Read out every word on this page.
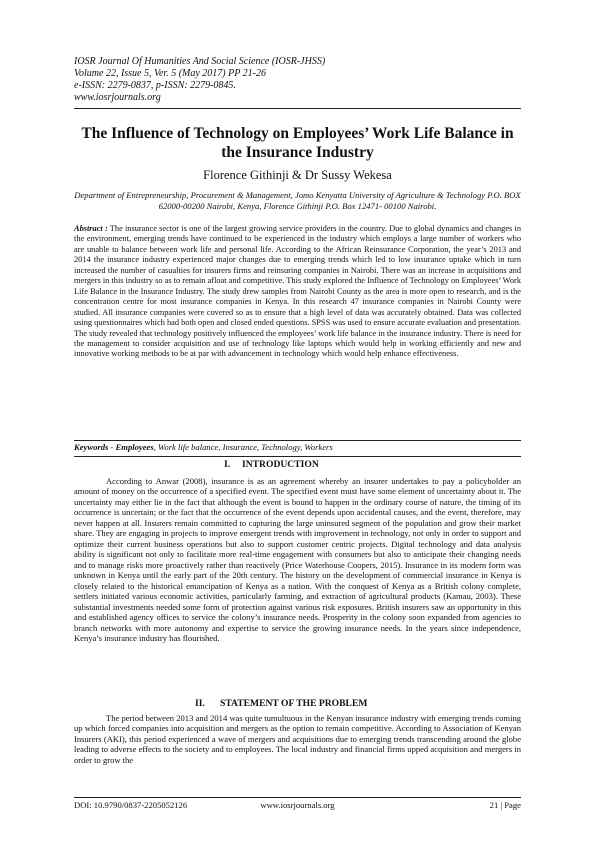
IOSR Journal Of Humanities And Social Science (IOSR-JHSS)
Volume 22, Issue 5, Ver. 5 (May 2017) PP 21-26
e-ISSN: 2279-0837, p-ISSN: 2279-0845.
www.iosrjournals.org
The Influence of Technology on Employees’ Work Life Balance in the Insurance Industry
Florence Githinji & Dr Sussy Wekesa
Department of Entrepreneurship, Procurement & Management, Jomo Kenyatta University of Agriculture & Technology P.O. BOX 62000-00200 Nairobi, Kenya, Florence Githinji P.O. Box 12471- 00100 Nairobi.
Abstract : The insurance sector is one of the largest growing service providers in the country. Due to global dynamics and changes in the environment, emerging trends have continued to be experienced in the industry which employs a large number of workers who are unable to balance between work life and personal life. According to the African Reinsurance Corporation, the year’s 2013 and 2014 the insurance industry experienced major changes due to emerging trends which led to low insurance uptake which in turn increased the number of casualties for insurers firms and reinsuring companies in Nairobi. There was an increase in acquisitions and mergers in this industry so as to remain afloat and competitive. This study explored the Influence of Technology on Employees’ Work Life Balance in the Insurance Industry. The study drew samples from Nairobi County as the area is more open to research, and is the concentration centre for most insurance companies in Kenya. In this research 47 insurance companies in Nairobi County were studied. All insurance companies were covered so as to ensure that a high level of data was accurately obtained. Data was collected using questionnaires which had both open and closed ended questions. SPSS was used to ensure accurate evaluation and presentation. The study revealed that technology positively influenced the employees’ work life balance in the insurance industry. There is need for the management to consider acquisition and use of technology like laptops which would help in working efficiently and new and innovative working methods to be at par with advancement in technology which would help enhance effectiveness.
Keywords - Employees, Work life balance, Insurance, Technology, Workers
I. INTRODUCTION

According to Anwar (2008), insurance is as an agreement whereby an insurer undertakes to pay a policyholder an amount of money on the occurrence of a specified event. The specified event must have some element of uncertainty about it. The uncertainty may either lie in the fact that although the event is bound to happen in the ordinary course of nature, the timing of its occurrence is uncertain; or the fact that the occurrence of the event depends upon accidental causes, and the event, therefore, may never happen at all. Insurers remain committed to capturing the large uninsured segment of the population and grow their market share. They are engaging in projects to improve emergent trends with improvement in technology, not only in order to support and optimize their current business operations but also to support customer centric projects. Digital technology and data analysis ability is significant not only to facilitate more real-time engagement with consumers but also to anticipate their changing needs and to manage risks more proactively rather than reactively (Price Waterhouse Coopers, 2015). Insurance in its modern form was unknown in Kenya until the early part of the 20th century. The history on the development of commercial insurance in Kenya is closely related to the historical emancipation of Kenya as a nation. With the conquest of Kenya as a British colony complete, settlers initiated various economic activities, particularly farming, and extraction of agricultural products (Kamau, 2003). These substantial investments needed some form of protection against various risk exposures. British insurers saw an opportunity in this and established agency offices to service the colony’s insurance needs. Prosperity in the colony soon expanded from agencies to branch networks with more autonomy and expertise to service the growing insurance needs. In the years since independence, Kenya’s insurance industry has flourished.

II. STATEMENT OF THE PROBLEM

The period between 2013 and 2014 was quite tumultuous in the Kenyan insurance industry with emerging trends coming up which forced companies into acquisition and mergers as the option to remain competitive. According to Association of Kenyan Insurers (AKI), this period experienced a wave of mergers and acquisitions due to emerging trends transcending around the globe leading to adverse effects to the society and to employees. The local industry and financial firms upped acquisition and mergers in order to grow the

DOI: 10.9790/0837-2205052126	www.iosrjournals.org	21 | Page
